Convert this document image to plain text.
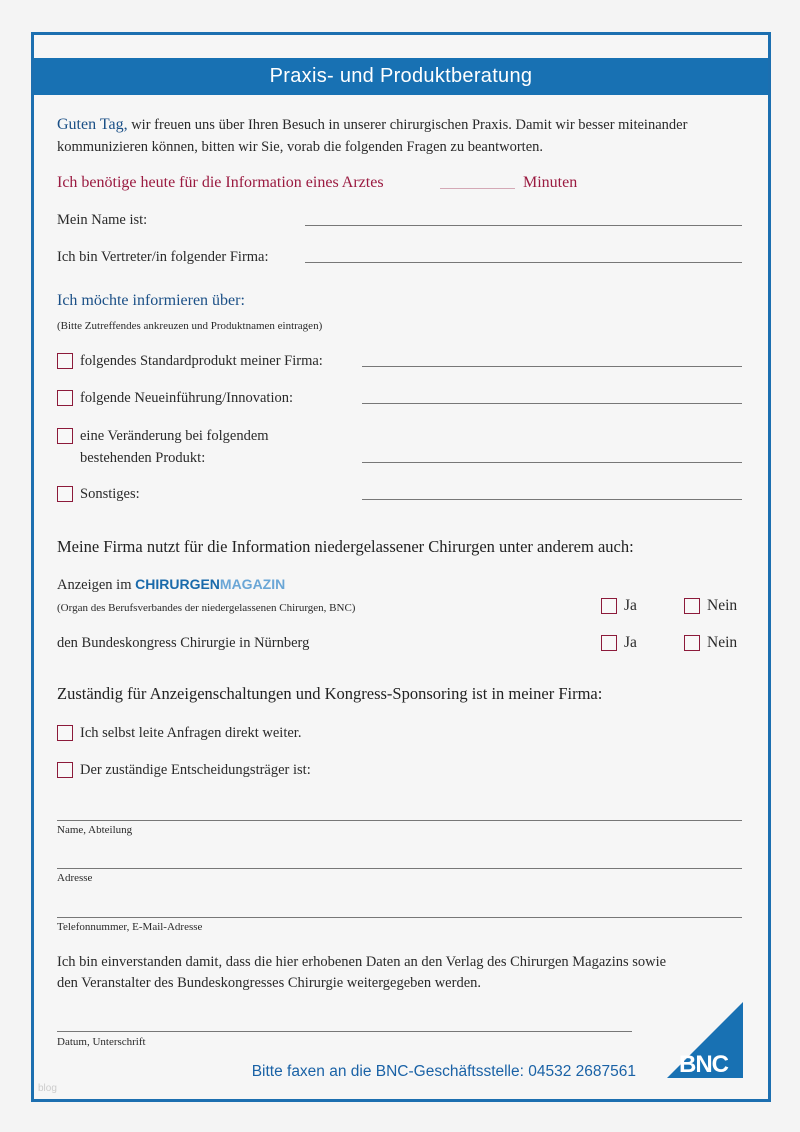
Praxis- und Produktberatung
Guten Tag, wir freuen uns über Ihren Besuch in unserer chirurgischen Praxis. Damit wir besser miteinander
kommunizieren können, bitten wir Sie, vorab die folgenden Fragen zu beantworten.
Ich benötige heute für die Information eines Arztes	Minuten
Mein Name ist:
Ich bin Vertreter/in folgender Firma:
Ich möchte informieren über:
(Bitte Zutreffendes ankreuzen und Produktnamen eintragen)
folgendes Standardprodukt meiner Firma:
folgende Neueinführung/Innovation:
eine Veränderung bei folgendem
bestehenden Produkt:
Sonstiges:
Meine Firma nutzt für die Information niedergelassener Chirurgen unter anderem auch:
Anzeigen im CHIRURGENMAGAZIN
(Organ des Berufsverbandes der niedergelassenen Chirurgen, BNC)	Ja	Nein
den Bundeskongress Chirurgie in Nürnberg	Ja	Nein
Zuständig für Anzeigenschaltungen und Kongress-Sponsoring ist in meiner Firma:
Ich selbst leite Anfragen direkt weiter.
Der zuständige Entscheidungsträger ist:
Name, Abteilung
Adresse
Telefonnummer, E-Mail-Adresse
Ich bin einverstanden damit, dass die hier erhobenen Daten an den Verlag des Chirurgen Magazins sowie
den Veranstalter des Bundeskongresses Chirurgie weitergegeben werden.
Datum, Unterschrift
Bitte faxen an die BNC-Geschäftsstelle: 04532 2687561 BNC
blog
